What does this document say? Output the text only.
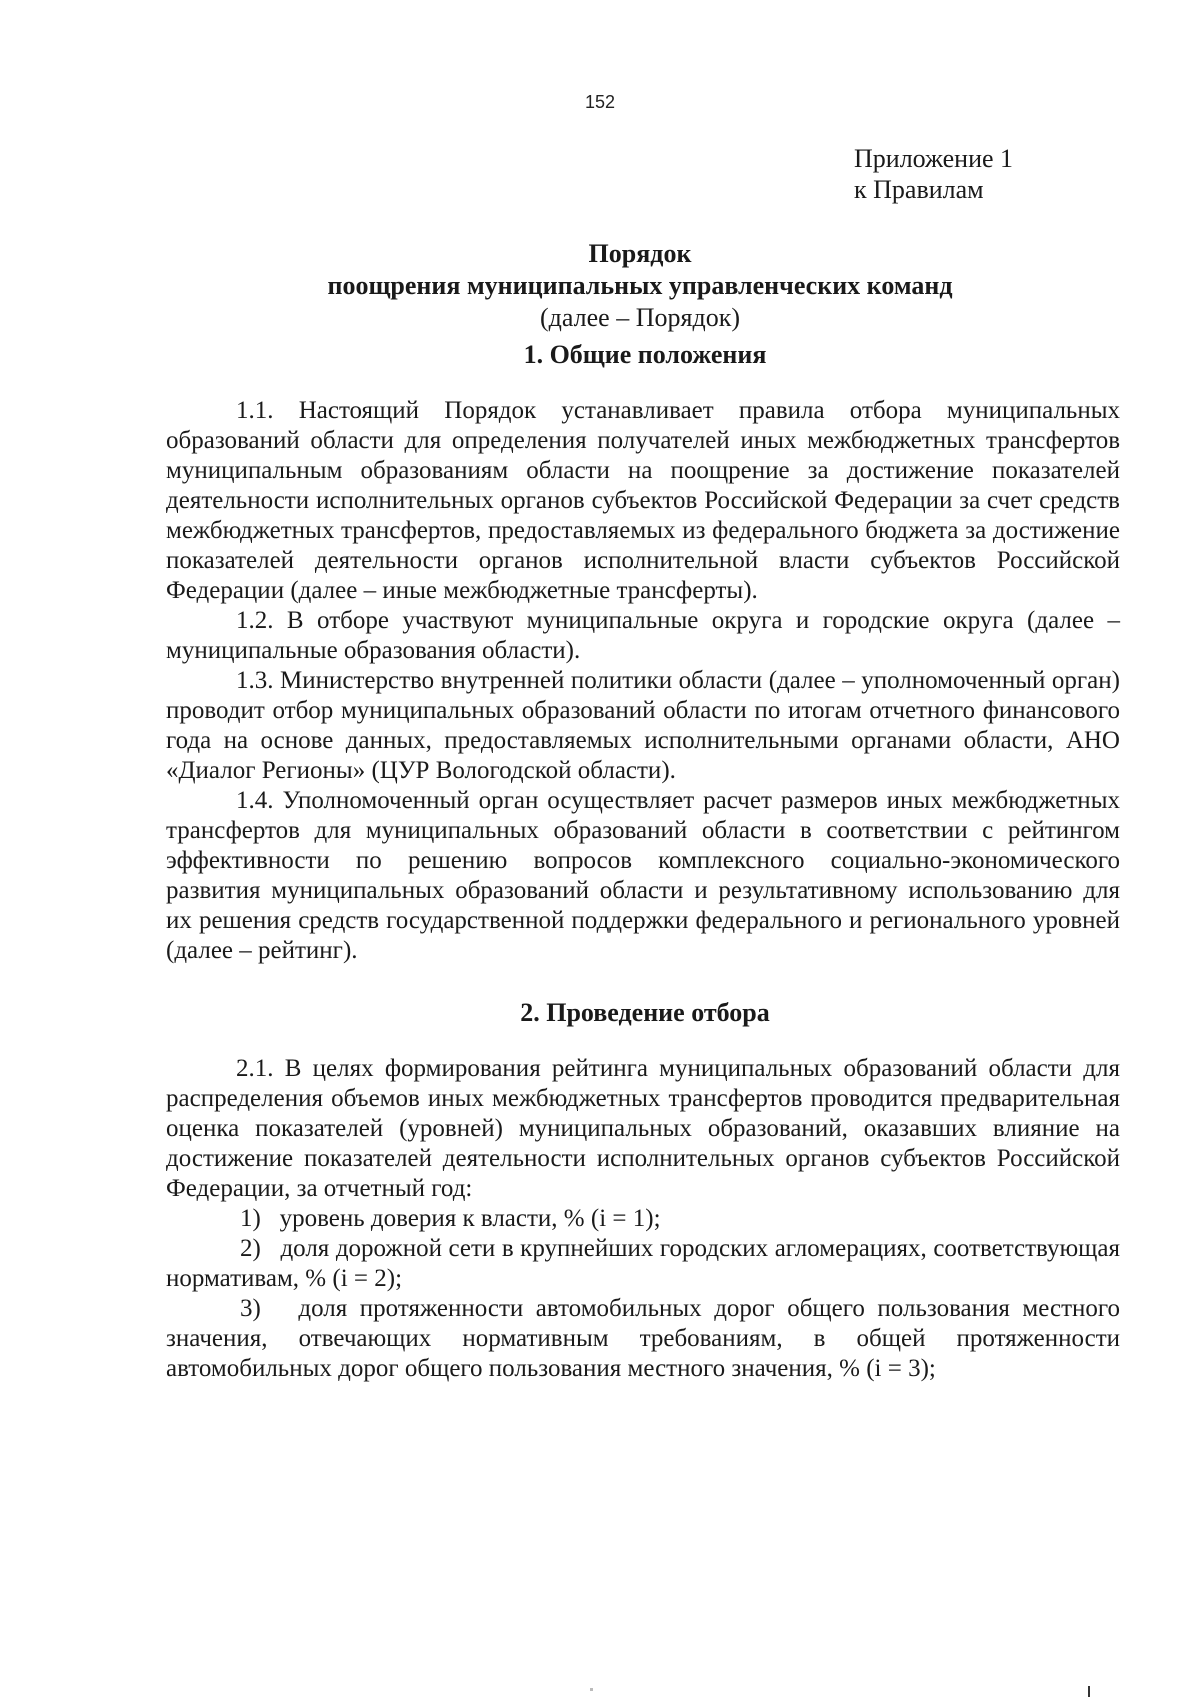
152
Приложение 1
к Правилам
Порядок
поощрения муниципальных управленческих команд
(далее – Порядок)
1. Общие положения

1.1. Настоящий Порядок устанавливает правила отбора муниципальных образований области для определения получателей иных межбюджетных трансфертов муниципальным образованиям области на поощрение за достижение показателей деятельности исполнительных органов субъектов Российской Федерации за счет средств межбюджетных трансфертов, предоставляемых из федерального бюджета за достижение показателей деятельности органов исполнительной власти субъектов Российской Федерации (далее – иные межбюджетные трансферты).

1.2. В отборе участвуют муниципальные округа и городские округа (далее – муниципальные образования области).

1.3. Министерство внутренней политики области (далее – уполномоченный орган) проводит отбор муниципальных образований области по итогам отчетного финансового года на основе данных, предоставляемых исполнительными органами области, АНО «Диалог Регионы» (ЦУР Вологодской области).

1.4. Уполномоченный орган осуществляет расчет размеров иных межбюджетных трансфертов для муниципальных образований области в соответствии с рейтингом эффективности по решению вопросов комплексного социально-экономического развития муниципальных образований области и результативному использованию для их решения средств государственной поддержки федерального и регионального уровней (далее – рейтинг).

2. Проведение отбора

2.1. В целях формирования рейтинга муниципальных образований области для распределения объемов иных межбюджетных трансфертов проводится предварительная оценка показателей (уровней) муниципальных образований, оказавших влияние на достижение показателей деятельности исполнительных органов субъектов Российской Федерации, за отчетный год:

1)   уровень доверия к власти, % (i = 1);

2)   доля дорожной сети в крупнейших городских агломерациях, соответствующая нормативам, % (i = 2);

3)   доля протяженности автомобильных дорог общего пользования местного значения, отвечающих нормативным требованиям, в общей протяженности автомобильных дорог общего пользования местного значения, % (i = 3);
